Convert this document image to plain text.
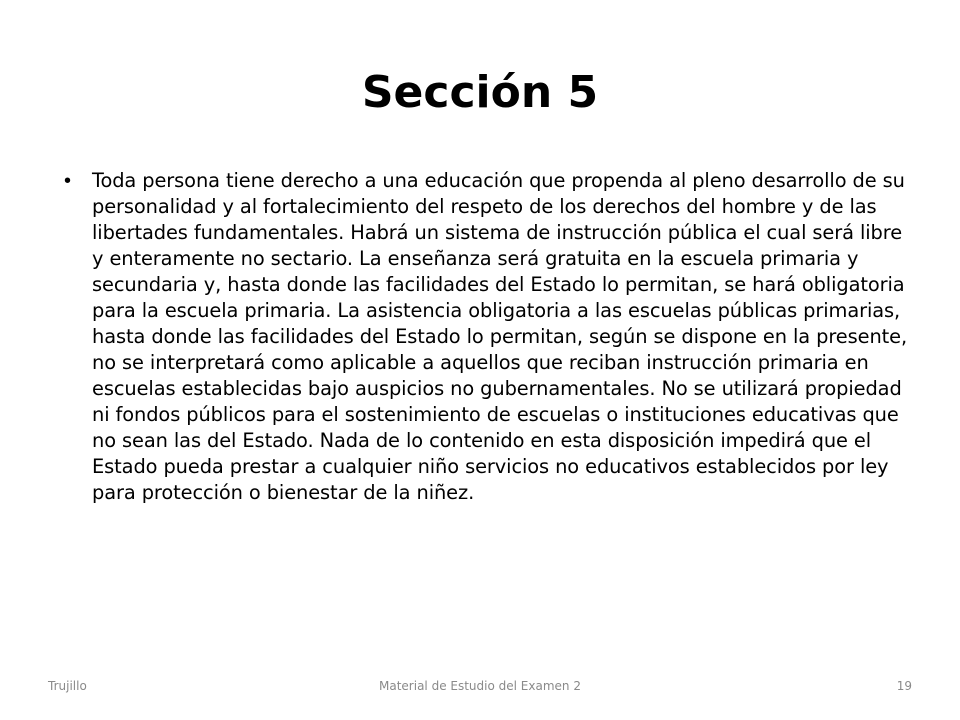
Sección 5
• Toda persona tiene derecho a una educación que propenda al pleno desarrollo de su personalidad y al fortalecimiento del respeto de los derechos del hombre y de las libertades fundamentales. Habrá un sistema de instrucción pública el cual será libre y enteramente no sectario. La enseñanza será gratuita en la escuela primaria y secundaria y, hasta donde las facilidades del Estado lo permitan, se hará obligatoria para la escuela primaria. La asistencia obligatoria a las escuelas públicas primarias, hasta donde las facilidades del Estado lo permitan, según se dispone en la presente, no se interpretará como aplicable a aquellos que reciban instrucción primaria en escuelas establecidas bajo auspicios no gubernamentales. No se utilizará propiedad ni fondos públicos para el sostenimiento de escuelas o instituciones educativas que no sean las del Estado. Nada de lo contenido en esta disposición impedirá que el Estado pueda prestar a cualquier niño servicios no educativos establecidos por ley para protección o bienestar de la niñez.

Trujillo	Material de Estudio del Examen 2	19
